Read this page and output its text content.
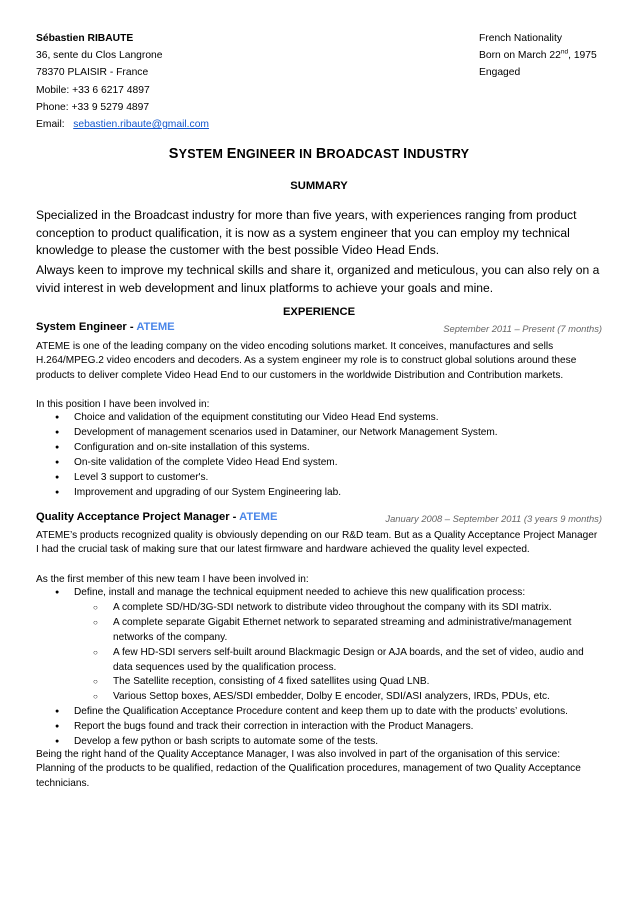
Sébastien RIBAUTE
36, sente du Clos Langrone
78370 PLAISIR - France
Mobile: +33 6 6217 4897
Phone: +33 9 5279 4897
Email: sebastien.ribaute@gmail.com
French Nationality
Born on March 22nd, 1975
Engaged
SYSTEM ENGINEER IN BROADCAST INDUSTRY
SUMMARY
Specialized in the Broadcast industry for more than five years, with experiences ranging from product conception to product qualification, it is now as a system engineer that you can employ my technical knowledge to please the customer with the best possible Video Head Ends.
Always keen to improve my technical skills and share it, organized and meticulous, you can also rely on a vivid interest in web development and linux platforms to achieve your goals and mine.
EXPERIENCE
System Engineer - ATEME	September 2011 – Present (7 months)
ATEME is one of the leading company on the video encoding solutions market. It conceives, manufactures and sells H.264/MPEG.2 video encoders and decoders. As a system engineer my role is to construct global solutions around these products to deliver complete Video Head End to our customers in the worldwide Distribution and Contribution markets.
In this position I have been involved in:
● Choice and validation of the equipment constituting our Video Head End systems.
● Development of management scenarios used in Dataminer, our Network Management System.
● Configuration and on-site installation of this systems.
● On-site validation of the complete Video Head End system.
● Level 3 support to customer's.
● Improvement and upgrading of our System Engineering lab.
Quality Acceptance Project Manager - ATEME	January 2008 – September 2011 (3 years 9 months)
ATEME’s products recognized quality is obviously depending on our R&D team. But as a Quality Acceptance Project Manager I had the crucial task of making sure that our latest firmware and hardware achieved the quality level expected.
As the first member of this new team I have been involved in:
● Define, install and manage the technical equipment needed to achieve this new qualification process:
○ A complete SD/HD/3G-SDI network to distribute video throughout the company with its SDI matrix.
○ A complete separate Gigabit Ethernet network to separated streaming and administrative/management networks of the company.
○ A few HD-SDI servers self-built around Blackmagic Design or AJA boards, and the set of video, audio and data sequences used by the qualification process.
○ The Satellite reception, consisting of 4 fixed satellites using Quad LNB.
○ Various Settop boxes, AES/SDI embedder, Dolby E encoder, SDI/ASI analyzers, IRDs, PDUs, etc.
● Define the Qualification Acceptance Procedure content and keep them up to date with the products’ evolutions.
● Report the bugs found and track their correction in interaction with the Product Managers.
● Develop a few python or bash scripts to automate some of the tests.
Being the right hand of the Quality Acceptance Manager, I was also involved in part of the organisation of this service: Planning of the products to be qualified, redaction of the Qualification procedures, management of two Quality Acceptance technicians.
